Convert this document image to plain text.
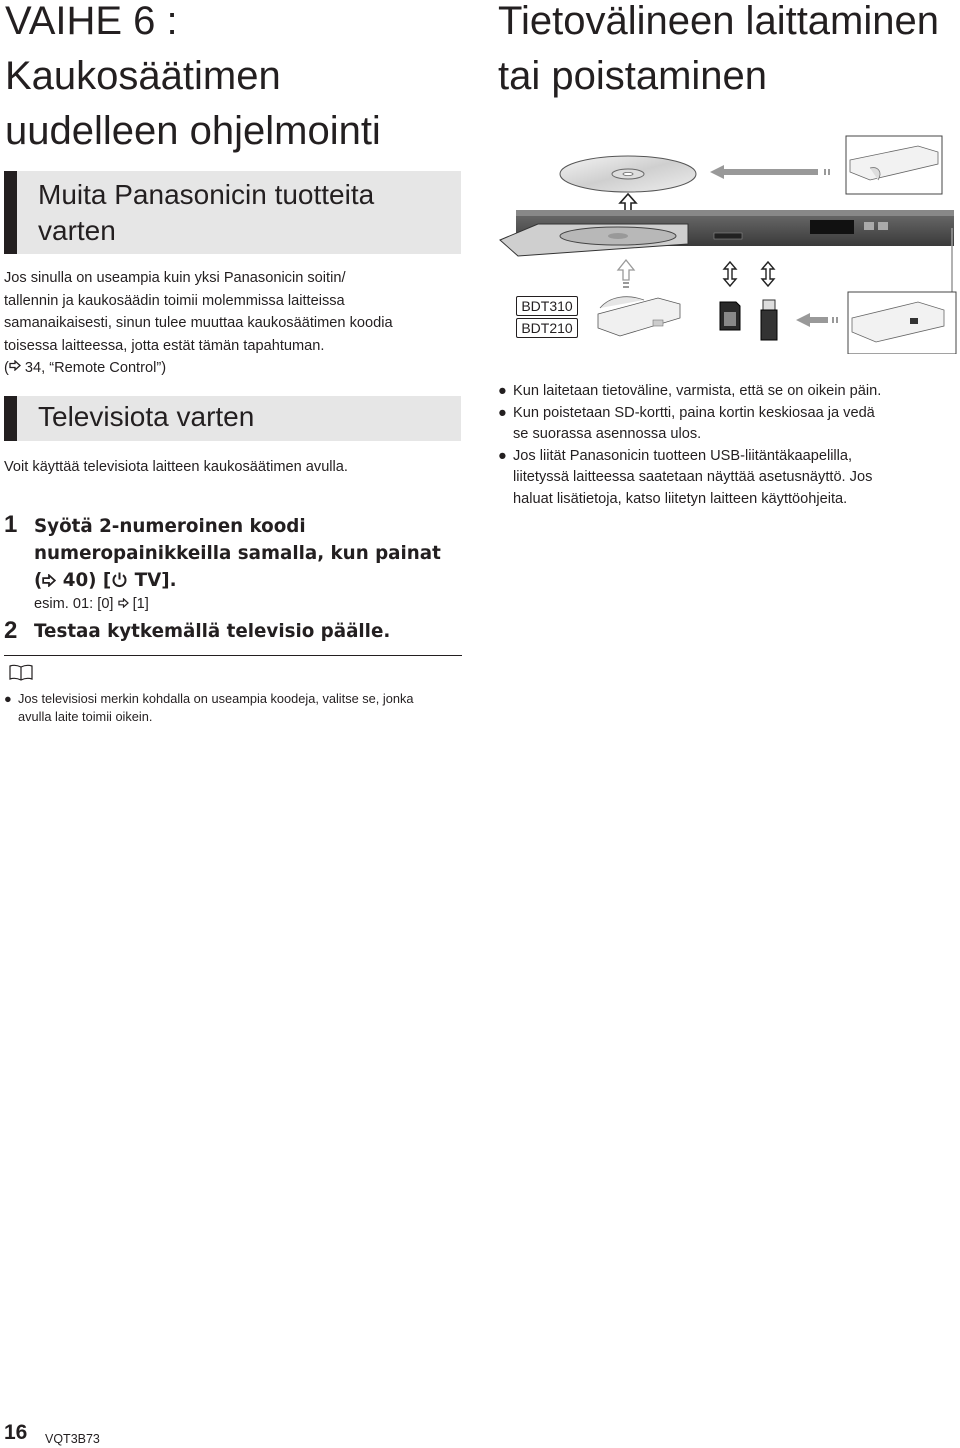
VAIHE 6 :
Kaukosäätimen
uudelleen ohjelmointi
Muita Panasonicin tuotteita varten
Jos sinulla on useampia kuin yksi Panasonicin soitin/
tallennin ja kaukosäädin toimii molemmissa laitteissa
samanaikaisesti, sinun tulee muuttaa kaukosäätimen koodia
toisessa laitteessa, jotta estät tämän tapahtuman.
( 34, “Remote Control”)
Televisiota varten
Voit käyttää televisiota laitteen kaukosäätimen avulla.
1 Syötä 2-numeroinen koodi
numeropainikkeilla samalla, kun painat
( 40) [ TV].
esim. 01: [0]  [1]
2 Testaa kytkemällä televisio päälle.
● Jos televisiosi merkin kohdalla on useampia koodeja, valitse se, jonka
avulla laite toimii oikein.
Tietovälineen laittaminen
tai poistaminen
BDT310
BDT210
● Kun laitetaan tietoväline, varmista, että se on oikein päin.
● Kun poistetaan SD-kortti, paina kortin keskiosaa ja vedä
se suorassa asennossa ulos.
● Jos liität Panasonicin tuotteen USB-liitäntäkaapelilla,
liitetyssä laitteessa saatetaan näyttää asetusnäyttö. Jos
haluat lisätietoja, katso liitetyn laitteen käyttöohjeita.
16 VQT3B73
